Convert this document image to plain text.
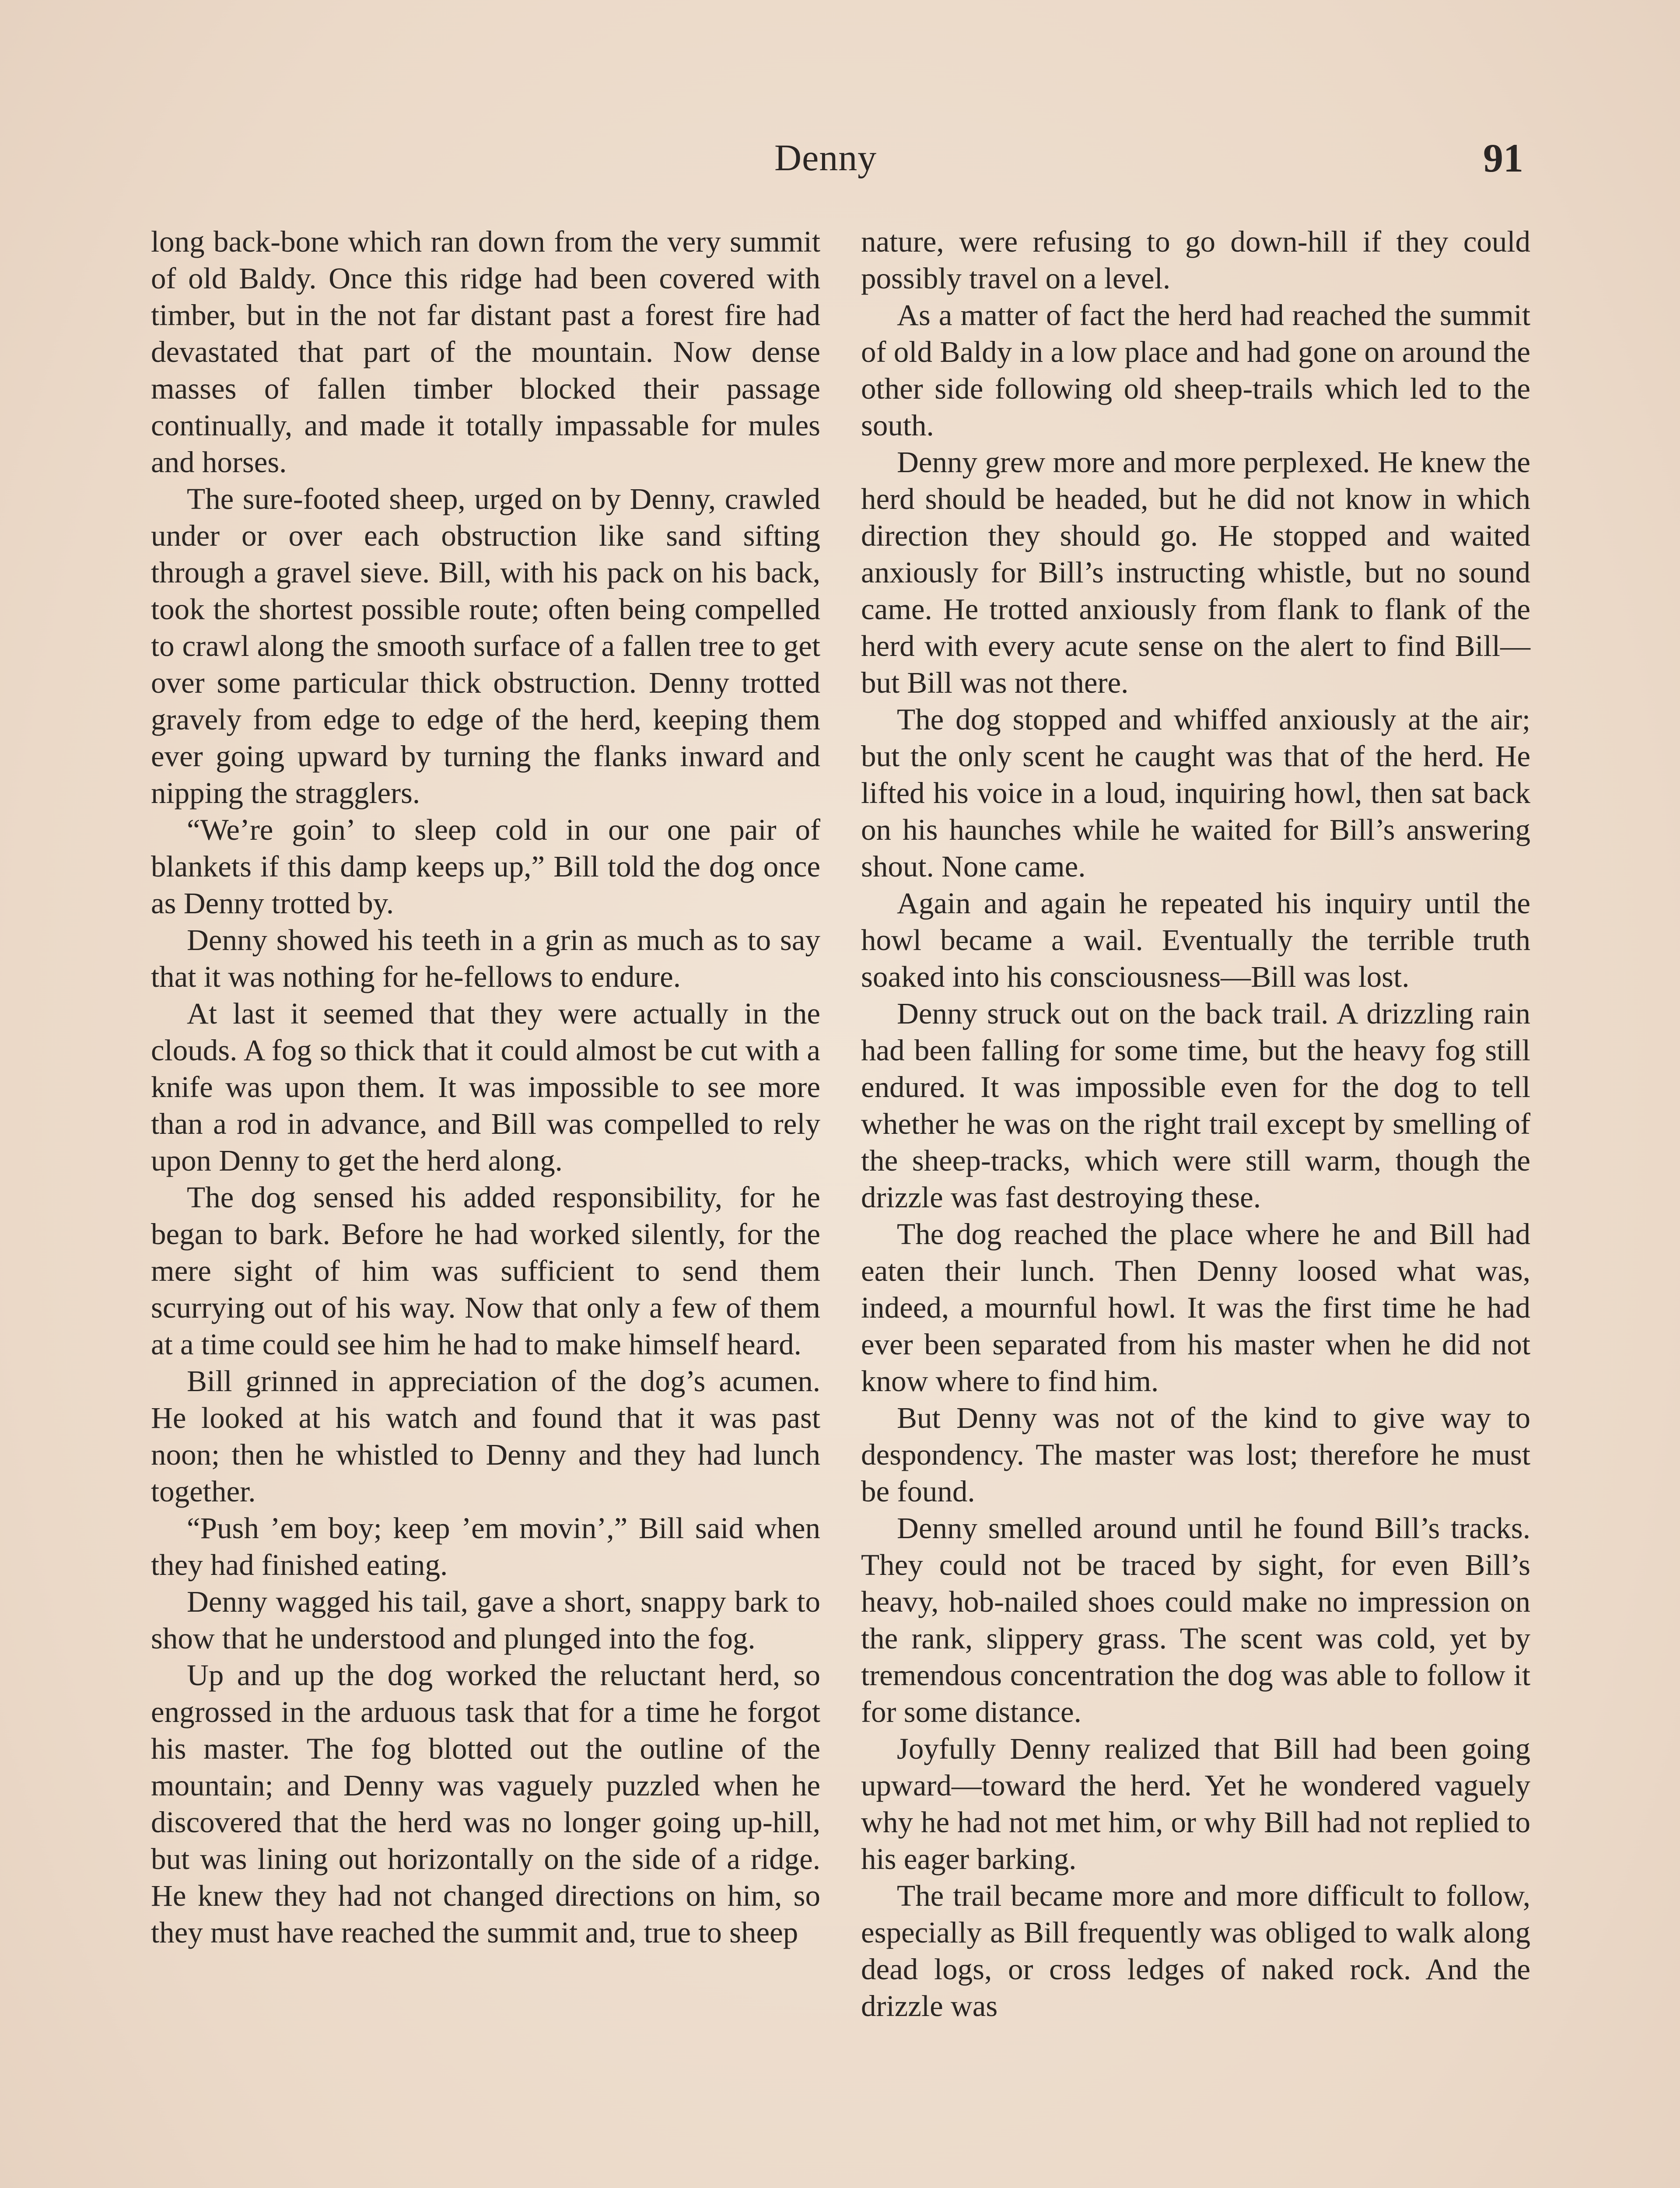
Denny	91

long back-bone which ran down from the very summit of old Baldy. Once this ridge had been covered with timber, but in the not far distant past a forest fire had devastated that part of the mountain. Now dense masses of fallen timber blocked their passage continually, and made it totally impassable for mules and horses.

The sure-footed sheep, urged on by Denny, crawled under or over each obstruction like sand sifting through a gravel sieve. Bill, with his pack on his back, took the shortest possible route; often being compelled to crawl along the smooth surface of a fallen tree to get over some particular thick obstruction. Denny trotted gravely from edge to edge of the herd, keeping them ever going upward by turning the flanks inward and nipping the stragglers.

“We’re goin’ to sleep cold in our one pair of blankets if this damp keeps up,” Bill told the dog once as Denny trotted by.

Denny showed his teeth in a grin as much as to say that it was nothing for he-fellows to endure.

At last it seemed that they were actually in the clouds. A fog so thick that it could almost be cut with a knife was upon them. It was impossible to see more than a rod in advance, and Bill was compelled to rely upon Denny to get the herd along.

The dog sensed his added responsibility, for he began to bark. Before he had worked silently, for the mere sight of him was sufficient to send them scurrying out of his way. Now that only a few of them at a time could see him he had to make himself heard.

Bill grinned in appreciation of the dog’s acumen. He looked at his watch and found that it was past noon; then he whistled to Denny and they had lunch together.

“Push ’em boy; keep ’em movin’,” Bill said when they had finished eating.

Denny wagged his tail, gave a short, snappy bark to show that he understood and plunged into the fog.

Up and up the dog worked the reluctant herd, so engrossed in the arduous task that for a time he forgot his master. The fog blotted out the outline of the mountain; and Denny was vaguely puzzled when he discovered that the herd was no longer going up-hill, but was lining out horizontally on the side of a ridge. He knew they had not changed directions on him, so they must have reached the summit and, true to sheep

nature, were refusing to go down-hill if they could possibly travel on a level.

As a matter of fact the herd had reached the summit of old Baldy in a low place and had gone on around the other side following old sheep-trails which led to the south.

Denny grew more and more perplexed. He knew the herd should be headed, but he did not know in which direction they should go. He stopped and waited anxiously for Bill’s instructing whistle, but no sound came. He trotted anxiously from flank to flank of the herd with every acute sense on the alert to find Bill—but Bill was not there.

The dog stopped and whiffed anxiously at the air; but the only scent he caught was that of the herd. He lifted his voice in a loud, inquiring howl, then sat back on his haunches while he waited for Bill’s answering shout. None came.

Again and again he repeated his inquiry until the howl became a wail. Eventually the terrible truth soaked into his consciousness—Bill was lost.

Denny struck out on the back trail. A drizzling rain had been falling for some time, but the heavy fog still endured. It was impossible even for the dog to tell whether he was on the right trail except by smelling of the sheep-tracks, which were still warm, though the drizzle was fast destroying these.

The dog reached the place where he and Bill had eaten their lunch. Then Denny loosed what was, indeed, a mournful howl. It was the first time he had ever been separated from his master when he did not know where to find him.

But Denny was not of the kind to give way to despondency. The master was lost; therefore he must be found.

Denny smelled around until he found Bill’s tracks. They could not be traced by sight, for even Bill’s heavy, hob-nailed shoes could make no impression on the rank, slippery grass. The scent was cold, yet by tremendous concentration the dog was able to follow it for some distance.

Joyfully Denny realized that Bill had been going upward—toward the herd. Yet he wondered vaguely why he had not met him, or why Bill had not replied to his eager barking.

The trail became more and more difficult to follow, especially as Bill frequently was obliged to walk along dead logs, or cross ledges of naked rock. And the drizzle was
